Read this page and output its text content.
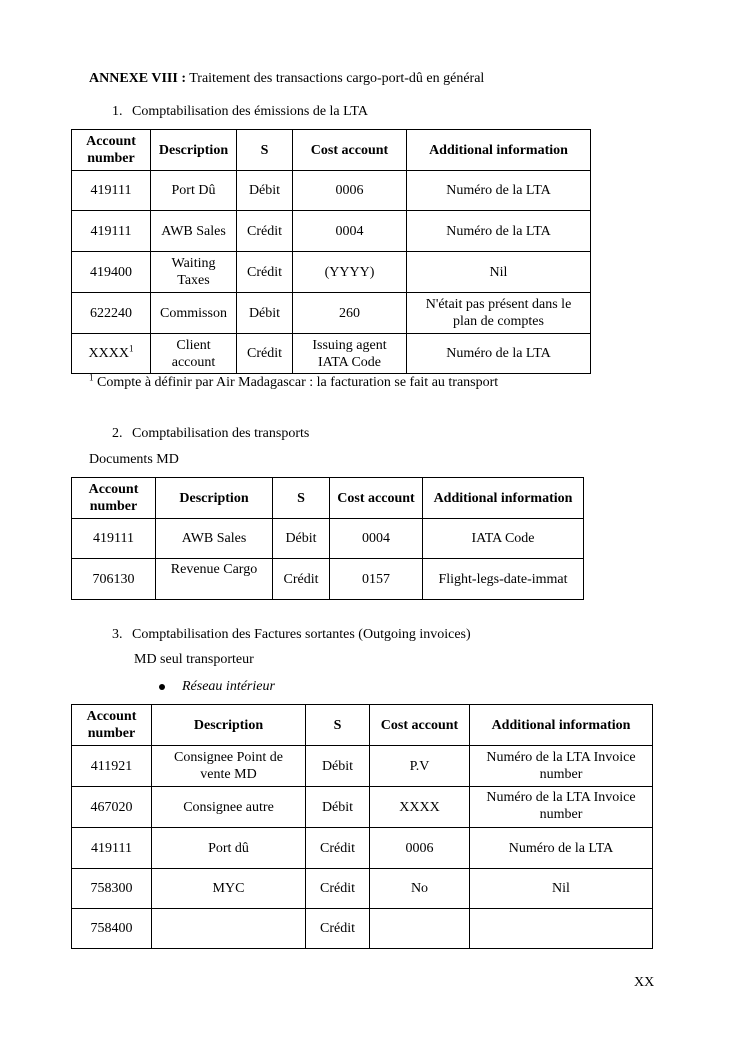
ANNEXE VIII : Traitement des transactions cargo-port-dû en général
1. Comptabilisation des émissions de la LTA
Account number	Description	S	Cost account	Additional information
419111	Port Dû	Débit	0006	Numéro de la LTA
419111	AWB Sales	Crédit	0004	Numéro de la LTA
419400	Waiting Taxes	Crédit	(YYYY)	Nil
622240	Commisson	Débit	260	N'était pas présent dans le plan de comptes
XXXX$^1$	Client account	Crédit	Issuing agent IATA Code	Numéro de la LTA
$^1$ Compte à définir par Air Madagascar : la facturation se fait au transport
2. Comptabilisation des transports
Documents MD
Account number	Description	S	Cost account	Additional information
419111	AWB Sales	Débit	0004	IATA Code
706130	Revenue Cargo	Crédit	0157	Flight-legs-date-immat
3. Comptabilisation des Factures sortantes (Outgoing invoices)
MD seul transporteur
Réseau intérieur
Account number	Description	S	Cost account	Additional information
411921	Consignee Point de vente MD	Débit	P.V	Numéro de la LTA Invoice number
467020	Consignee autre	Débit	XXXX	Numéro de la LTA Invoice number
419111	Port dû	Crédit	0006	Numéro de la LTA
758300	MYC	Crédit	No	Nil
758400		Crédit		
XX
